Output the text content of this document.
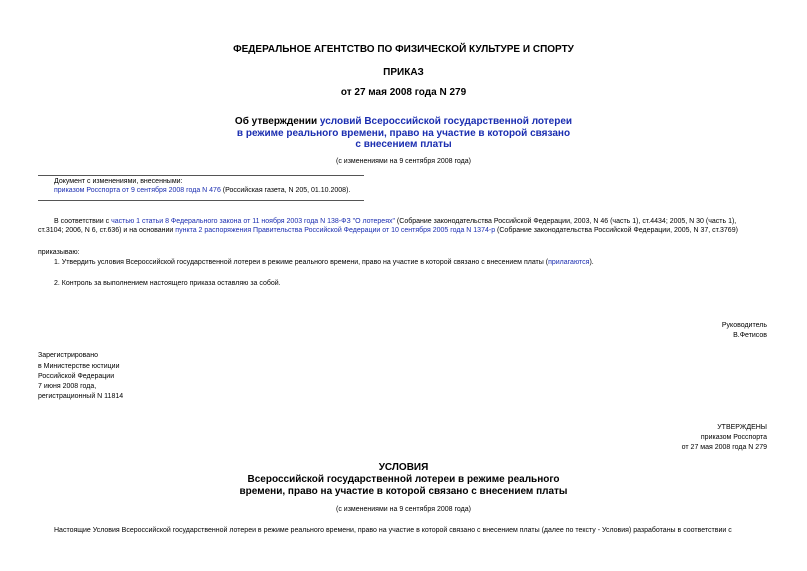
ФЕДЕРАЛЬНОЕ АГЕНТСТВО ПО ФИЗИЧЕСКОЙ КУЛЬТУРЕ И СПОРТУ
ПРИКАЗ
от 27 мая 2008 года N 279
Об утверждении условий Всероссийской государственной лотереи
в режиме реального времени, право на участие в которой связано
с внесением платы
(с изменениями на 9 сентября 2008 года)
Документ с изменениями, внесенными:
приказом Росспорта от 9 сентября 2008 года N 476 (Российская газета, N 205, 01.10.2008).
В соответствии с частью 1 статьи 8 Федерального закона от 11 ноября 2003 года N 138-ФЗ "О лотереях" (Собрание законодательства Российской Федерации, 2003, N 46 (часть 1), ст.4434; 2005, N 30 (часть 1),
ст.3104; 2006, N 6, ст.636) и на основании пункта 2 распоряжения Правительства Российской Федерации от 10 сентября 2005 года N 1374-р (Собрание законодательства Российской Федерации, 2005, N 37, ст.3769)
приказываю:
1. Утвердить условия Всероссийской государственной лотереи в режиме реального времени, право на участие в которой связано с внесением платы (прилагаются).
2. Контроль за выполнением настоящего приказа оставляю за собой.
Руководитель
В.Фетисов
Зарегистрировано
в Министерстве юстиции
Российской Федерации
7 июня 2008 года,
регистрационный N 11814
УТВЕРЖДЕНЫ
приказом Росспорта
от 27 мая 2008 года N 279
УСЛОВИЯ
Всероссийской государственной лотереи в режиме реального
времени, право на участие в которой связано с внесением платы
(с изменениями на 9 сентября 2008 года)
Настоящие Условия Всероссийской государственной лотереи в режиме реального времени, право на участие в которой связано с внесением платы (далее по тексту - Условия) разработаны в соответствии с
